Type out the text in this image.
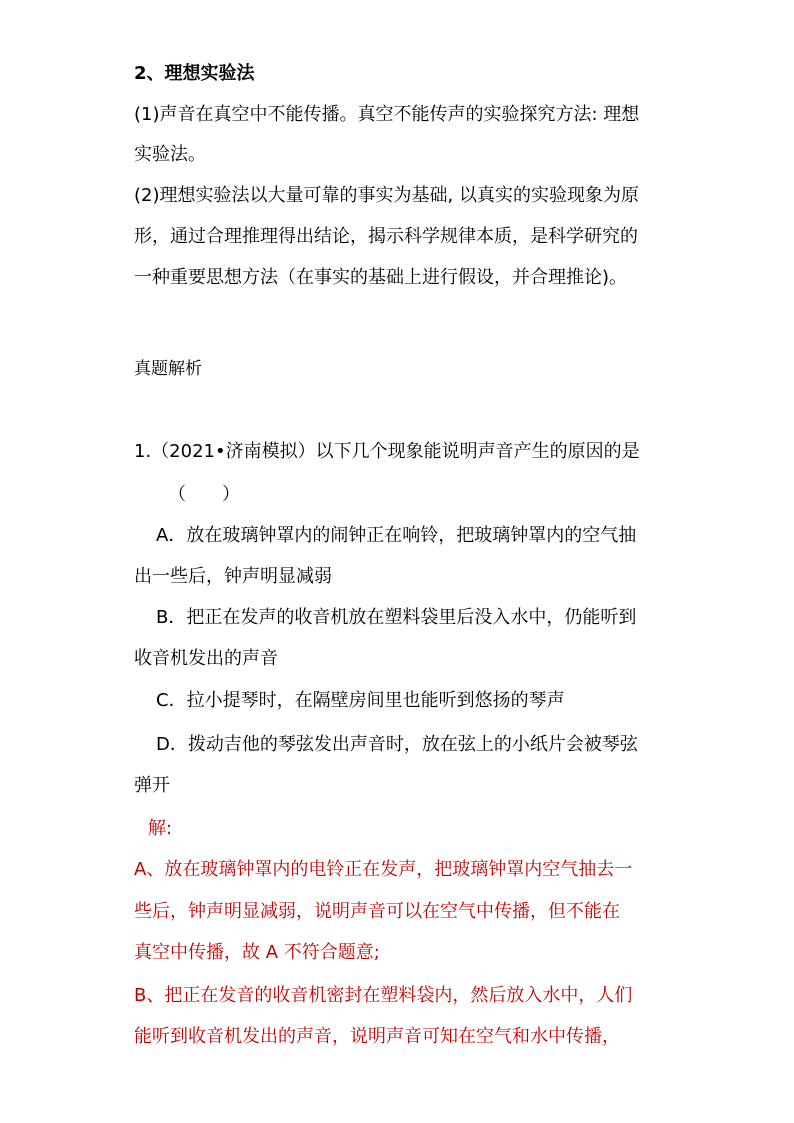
2、理想实验法
(1)声音在真空中不能传播。真空不能传声的实验探究方法: 理想
实验法。
(2)理想实验法以大量可靠的事实为基础, 以真实的实验现象为原
形，通过合理推理得出结论，揭示科学规律本质，是科学研究的
一种重要思想方法（在事实的基础上进行假设，并合理推论)。
真题解析
1.（2021•济南模拟）以下几个现象能说明声音产生的原因的是
（　　）
A．放在玻璃钟罩内的闹钟正在响铃，把玻璃钟罩内的空气抽
出一些后，钟声明显减弱
B．把正在发声的收音机放在塑料袋里后没入水中，仍能听到
收音机发出的声音
C．拉小提琴时，在隔壁房间里也能听到悠扬的琴声
D．拨动吉他的琴弦发出声音时，放在弦上的小纸片会被琴弦
弹开
解:
A、放在玻璃钟罩内的电铃正在发声，把玻璃钟罩内空气抽去一
些后，钟声明显减弱，说明声音可以在空气中传播，但不能在
真空中传播，故 A 不符合题意;
B、把正在发音的收音机密封在塑料袋内，然后放入水中，人们
能听到收音机发出的声音，说明声音可知在空气和水中传播，
